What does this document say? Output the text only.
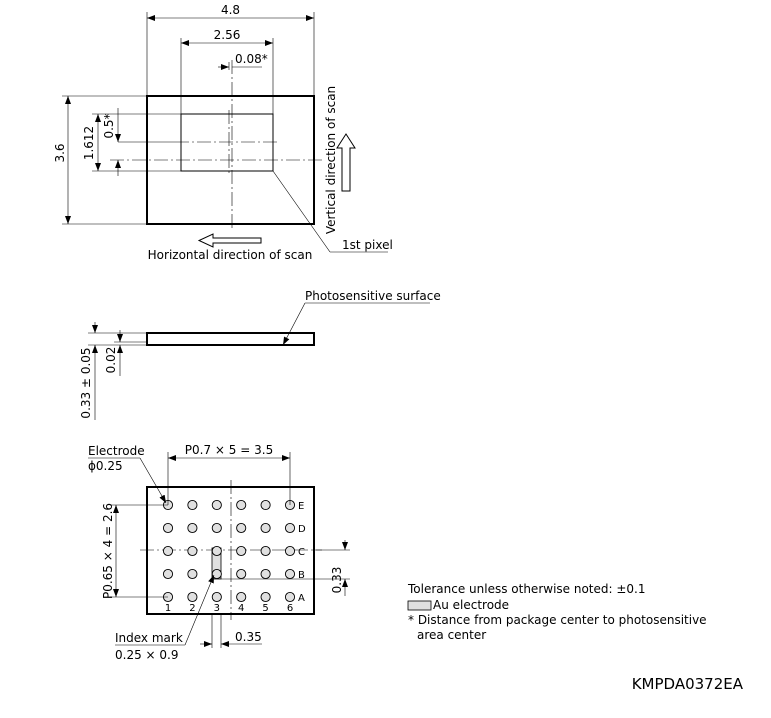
4.8
2.56
0.08*
3.6 1.612 0.5*	Vertical direction of scan
Horizontal direction of scan
1st pixel
Photosensitive surface
0.33 ± 0.05 0.02
1 2 3 4 5 6
E
D
C
B
A
Electrode
ϕ0.25
P0.7 × 5 = 3.5
P0.65 × 4 = 2.6	0.33
0.35
Index mark
0.25 × 0.9
Tolerance unless otherwise noted: ±0.1
Au electrode
* Distance from package center to photosensitive
area center
KMPDA0372EA
